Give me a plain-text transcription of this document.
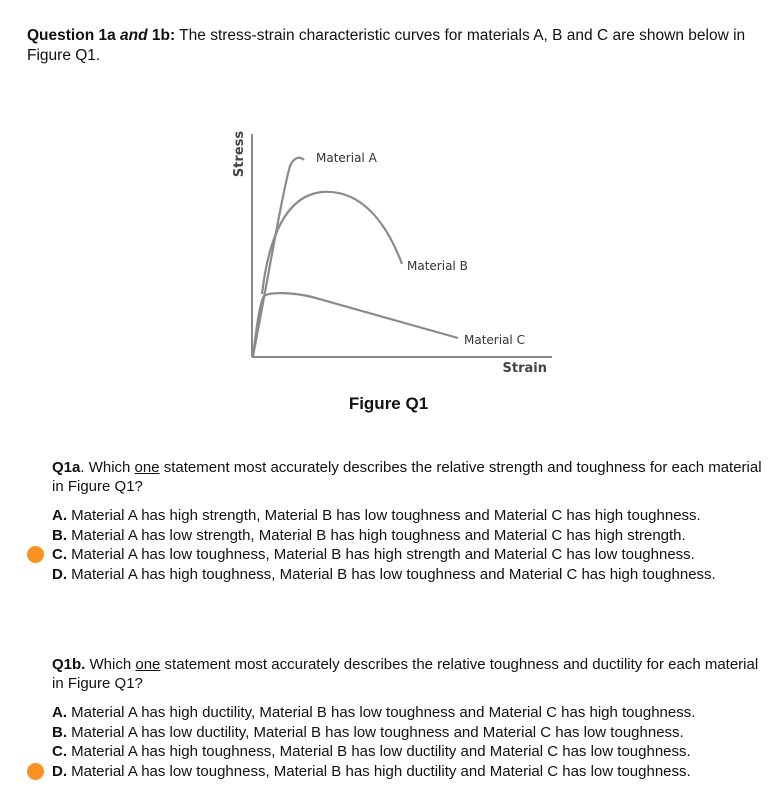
Question 1a and 1b: The stress-strain characteristic curves for materials A, B and C are shown below in Figure Q1.
Stress
Strain
Material A
Material B
Material C
Figure Q1
Q1a. Which one statement most accurately describes the relative strength and toughness for each material in Figure Q1?
A. Material A has high strength, Material B has low toughness and Material C has high toughness.
B. Material A has low strength, Material B has high toughness and Material C has high strength.
C. Material A has low toughness, Material B has high strength and Material C has low toughness.
D. Material A has high toughness, Material B has low toughness and Material C has high toughness.
Q1b. Which one statement most accurately describes the relative toughness and ductility for each material in Figure Q1?
A. Material A has high ductility, Material B has low toughness and Material C has high toughness.
B. Material A has low ductility, Material B has low toughness and Material C has low toughness.
C. Material A has high toughness, Material B has low ductility and Material C has low toughness.
D. Material A has low toughness, Material B has high ductility and Material C has low toughness.
